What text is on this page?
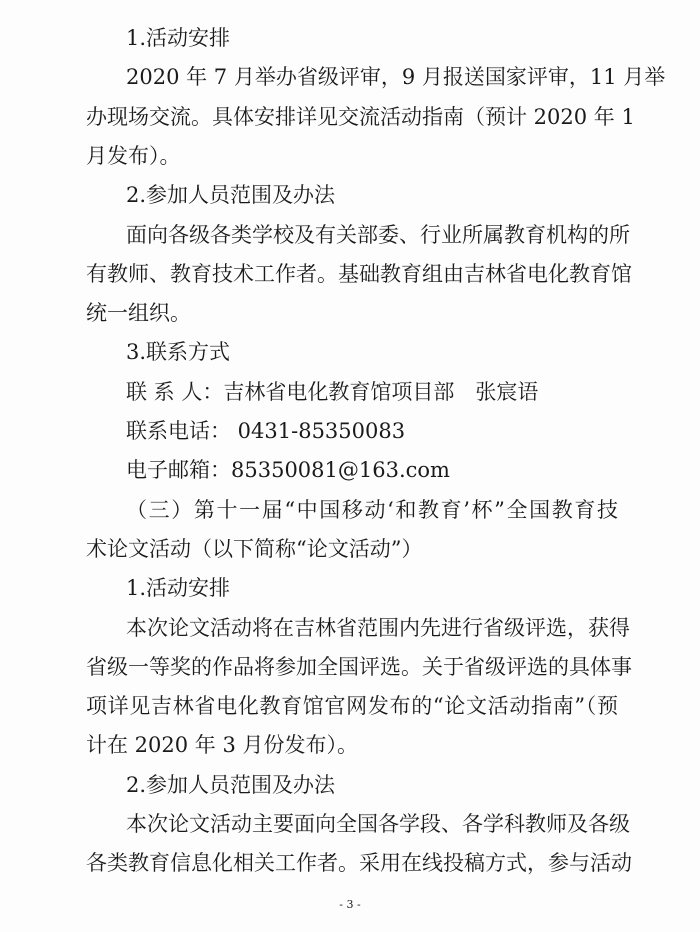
1.活动安排
2020 年 7 月举办省级评审，9 月报送国家评审，11 月举
办现场交流。具体安排详见交流活动指南（预计 2020 年 1
月发布）。
2.参加人员范围及办法
面向各级各类学校及有关部委、行业所属教育机构的所
有教师、教育技术工作者。基础教育组由吉林省电化教育馆
统一组织。
3.联系方式
联 系 人：吉林省电化教育馆项目部　张宸语
联系电话： 0431-85350083
电子邮箱：85350081@163.com
（三）第十一届“中国移动‘和教育’杯”全国教育技
术论文活动（以下简称“论文活动”）
1.活动安排
本次论文活动将在吉林省范围内先进行省级评选，获得
省级一等奖的作品将参加全国评选。关于省级评选的具体事
项详见吉林省电化教育馆官网发布的“论文活动指南”（预
计在 2020 年 3 月份发布）。
2.参加人员范围及办法
本次论文活动主要面向全国各学段、各学科教师及各级
各类教育信息化相关工作者。采用在线投稿方式，参与活动
- 3 -
